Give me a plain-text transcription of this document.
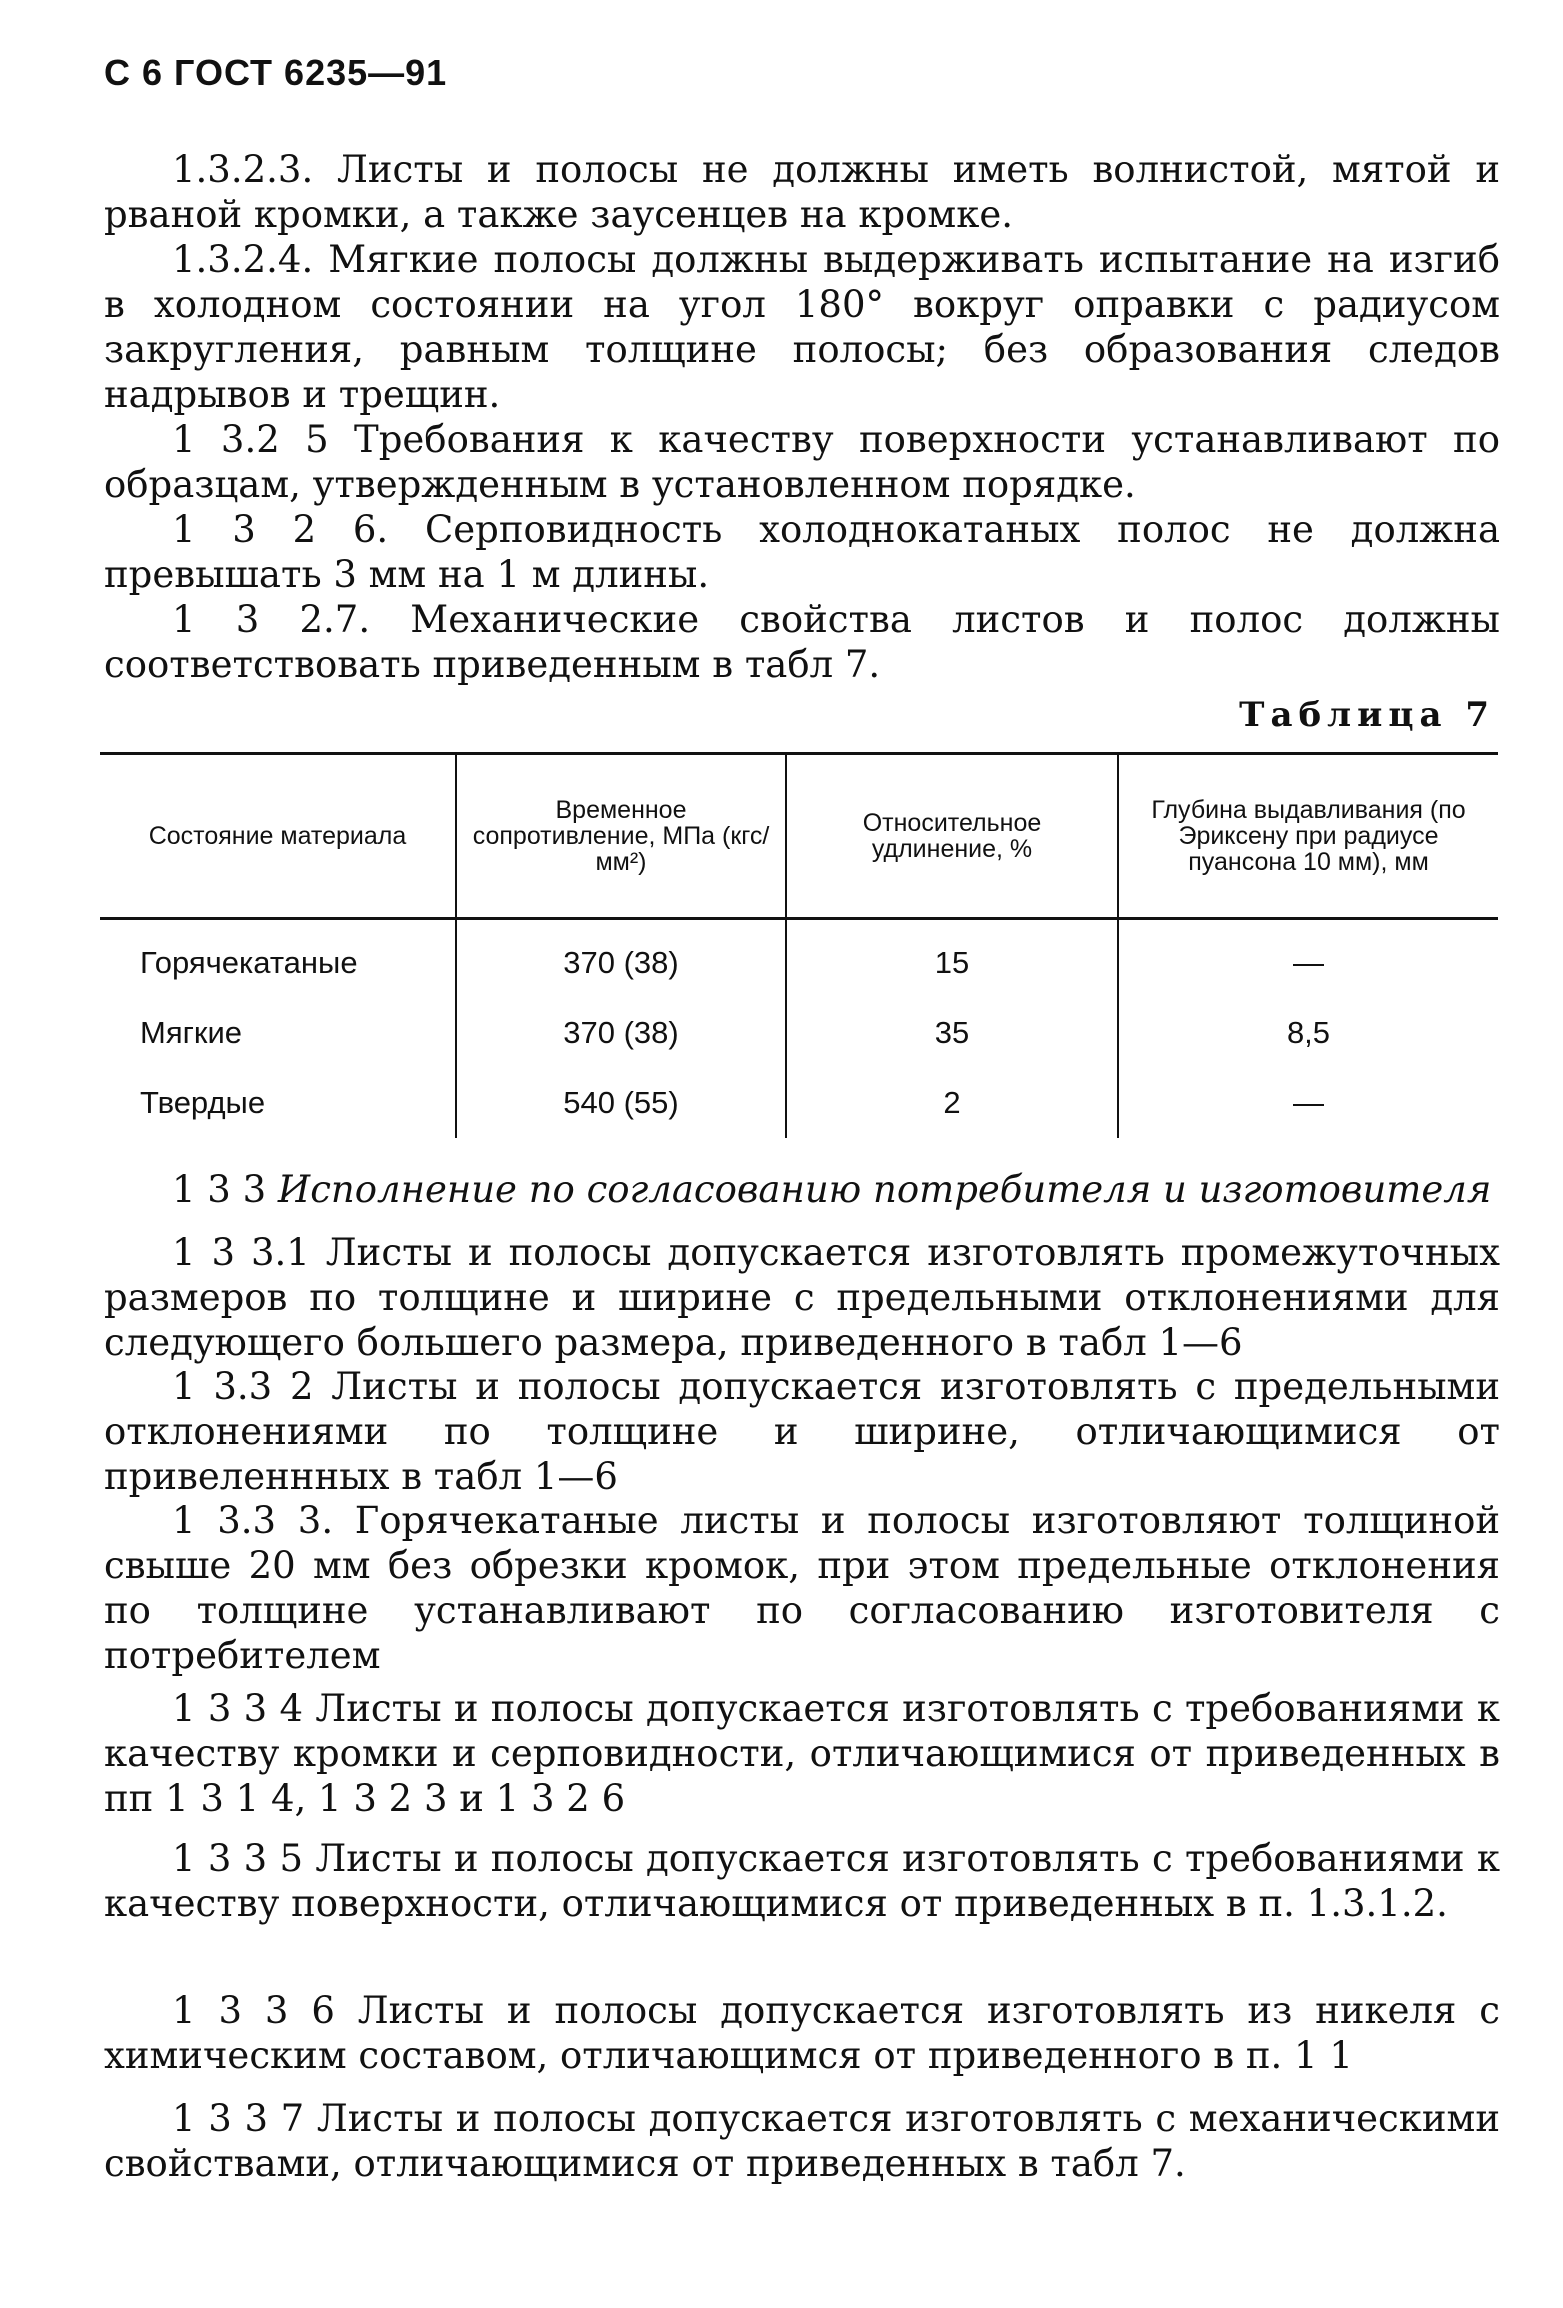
С 6 ГОСТ 6235—91
1.3.2.3. Листы и полосы не должны иметь волнистой, мятой и рваной кромки, а также заусенцев на кромке.
1.3.2.4. Мягкие полосы должны выдерживать испытание на изгиб в холодном состоянии на угол 180° вокруг оправки с радиусом закругления, равным толщине полосы; без образования следов надрывов и трещин.
1 3.2 5 Требования к качеству поверхности устанавливают по образцам, утвержденным в установленном порядке.
1 3 2 6. Серповидность холоднокатаных полос не должна превышать 3 мм на 1 м длины.
1 3 2.7. Механические свойства листов и полос должны соответствовать приведенным в табл 7.
Таблица 7
Состояние материала	Временное сопротивление, МПа (кгс/мм²)	Относительное удлинение, %	Глубина выдавливания (по Эриксену при радиусе пуансона 10 мм), мм

Горячекатаные	370 (38)	15	—
Мягкие	370 (38)	35	8,5
Твердые	540 (55)	2	—
1 3 3 Исполнение по согласованию потребителя и изготовителя
1 3 3.1 Листы и полосы допускается изготовлять промежуточных размеров по толщине и ширине с предельными отклонениями для следующего большего размера, приведенного в табл 1—6
1 3.3 2 Листы и полосы допускается изготовлять с предельными отклонениями по толщине и ширине, отличающимися от привеленнных в табл 1—6
1 3.3 3. Горячекатаные листы и полосы изготовляют толщиной свыше 20 мм без обрезки кромок, при этом предельные отклонения по толщине устанавливают по согласованию изготовителя с потребителем
1 3 3 4 Листы и полосы допускается изготовлять с требованиями к качеству кромки и серповидности, отличающимися от приведенных в пп 1 3 1 4, 1 3 2 3 и 1 3 2 6
1 3 3 5 Листы и полосы допускается изготовлять с требованиями к качеству поверхности, отличающимися от приведенных в п. 1.3.1.2.
1 3 3 6 Листы и полосы допускается изготовлять из никеля с химическим составом, отличающимся от приведенного в п. 1 1
1 3 3 7 Листы и полосы допускается изготовлять с механическими свойствами, отличающимися от приведенных в табл 7.
